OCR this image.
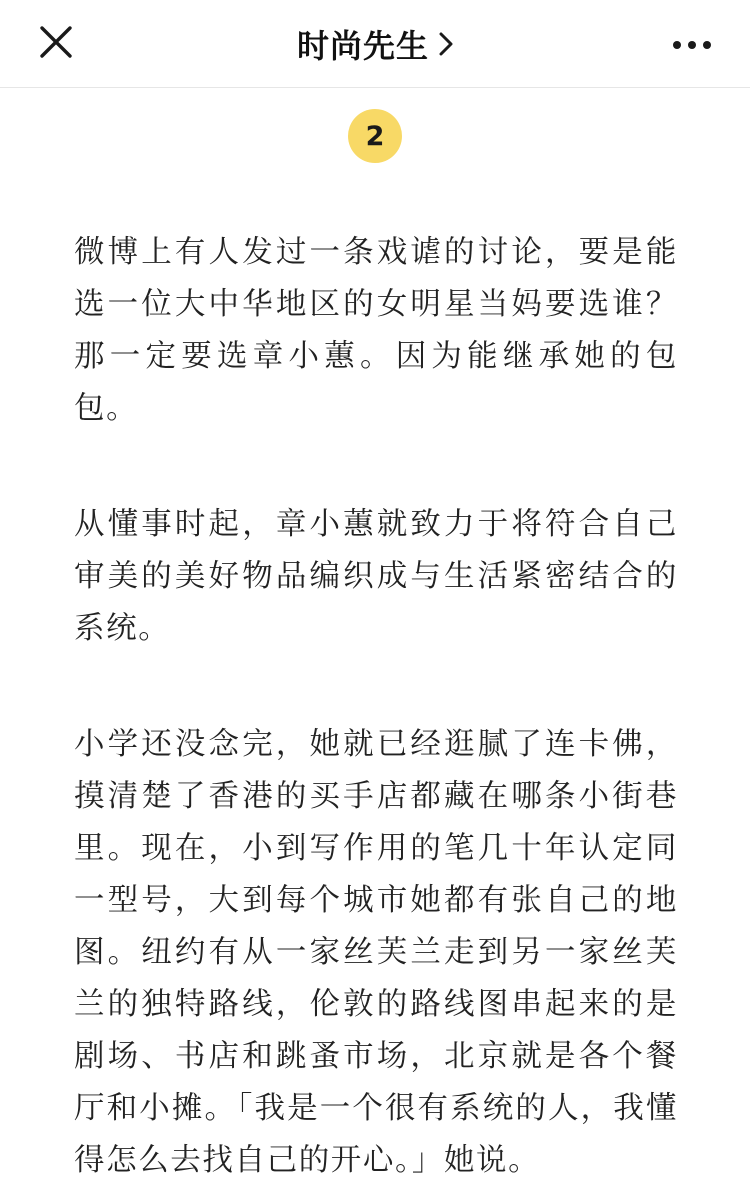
时尚先生
2

微博上有人发过一条戏谑的讨论，要是能选一位大中华地区的女明星当妈要选谁？那一定要选章小蕙。因为能继承她的包包。

从懂事时起，章小蕙就致力于将符合自己审美的美好物品编织成与生活紧密结合的系统。

小学还没念完，她就已经逛腻了连卡佛，摸清楚了香港的买手店都藏在哪条小街巷里。现在，小到写作用的笔几十年认定同一型号，大到每个城市她都有张自己的地图。纽约有从一家丝芙兰走到另一家丝芙兰的独特路线，伦敦的路线图串起来的是剧场、书店和跳蚤市场，北京就是各个餐厅和小摊。「我是一个很有系统的人，我懂得怎么去找自己的开心。」她说。
